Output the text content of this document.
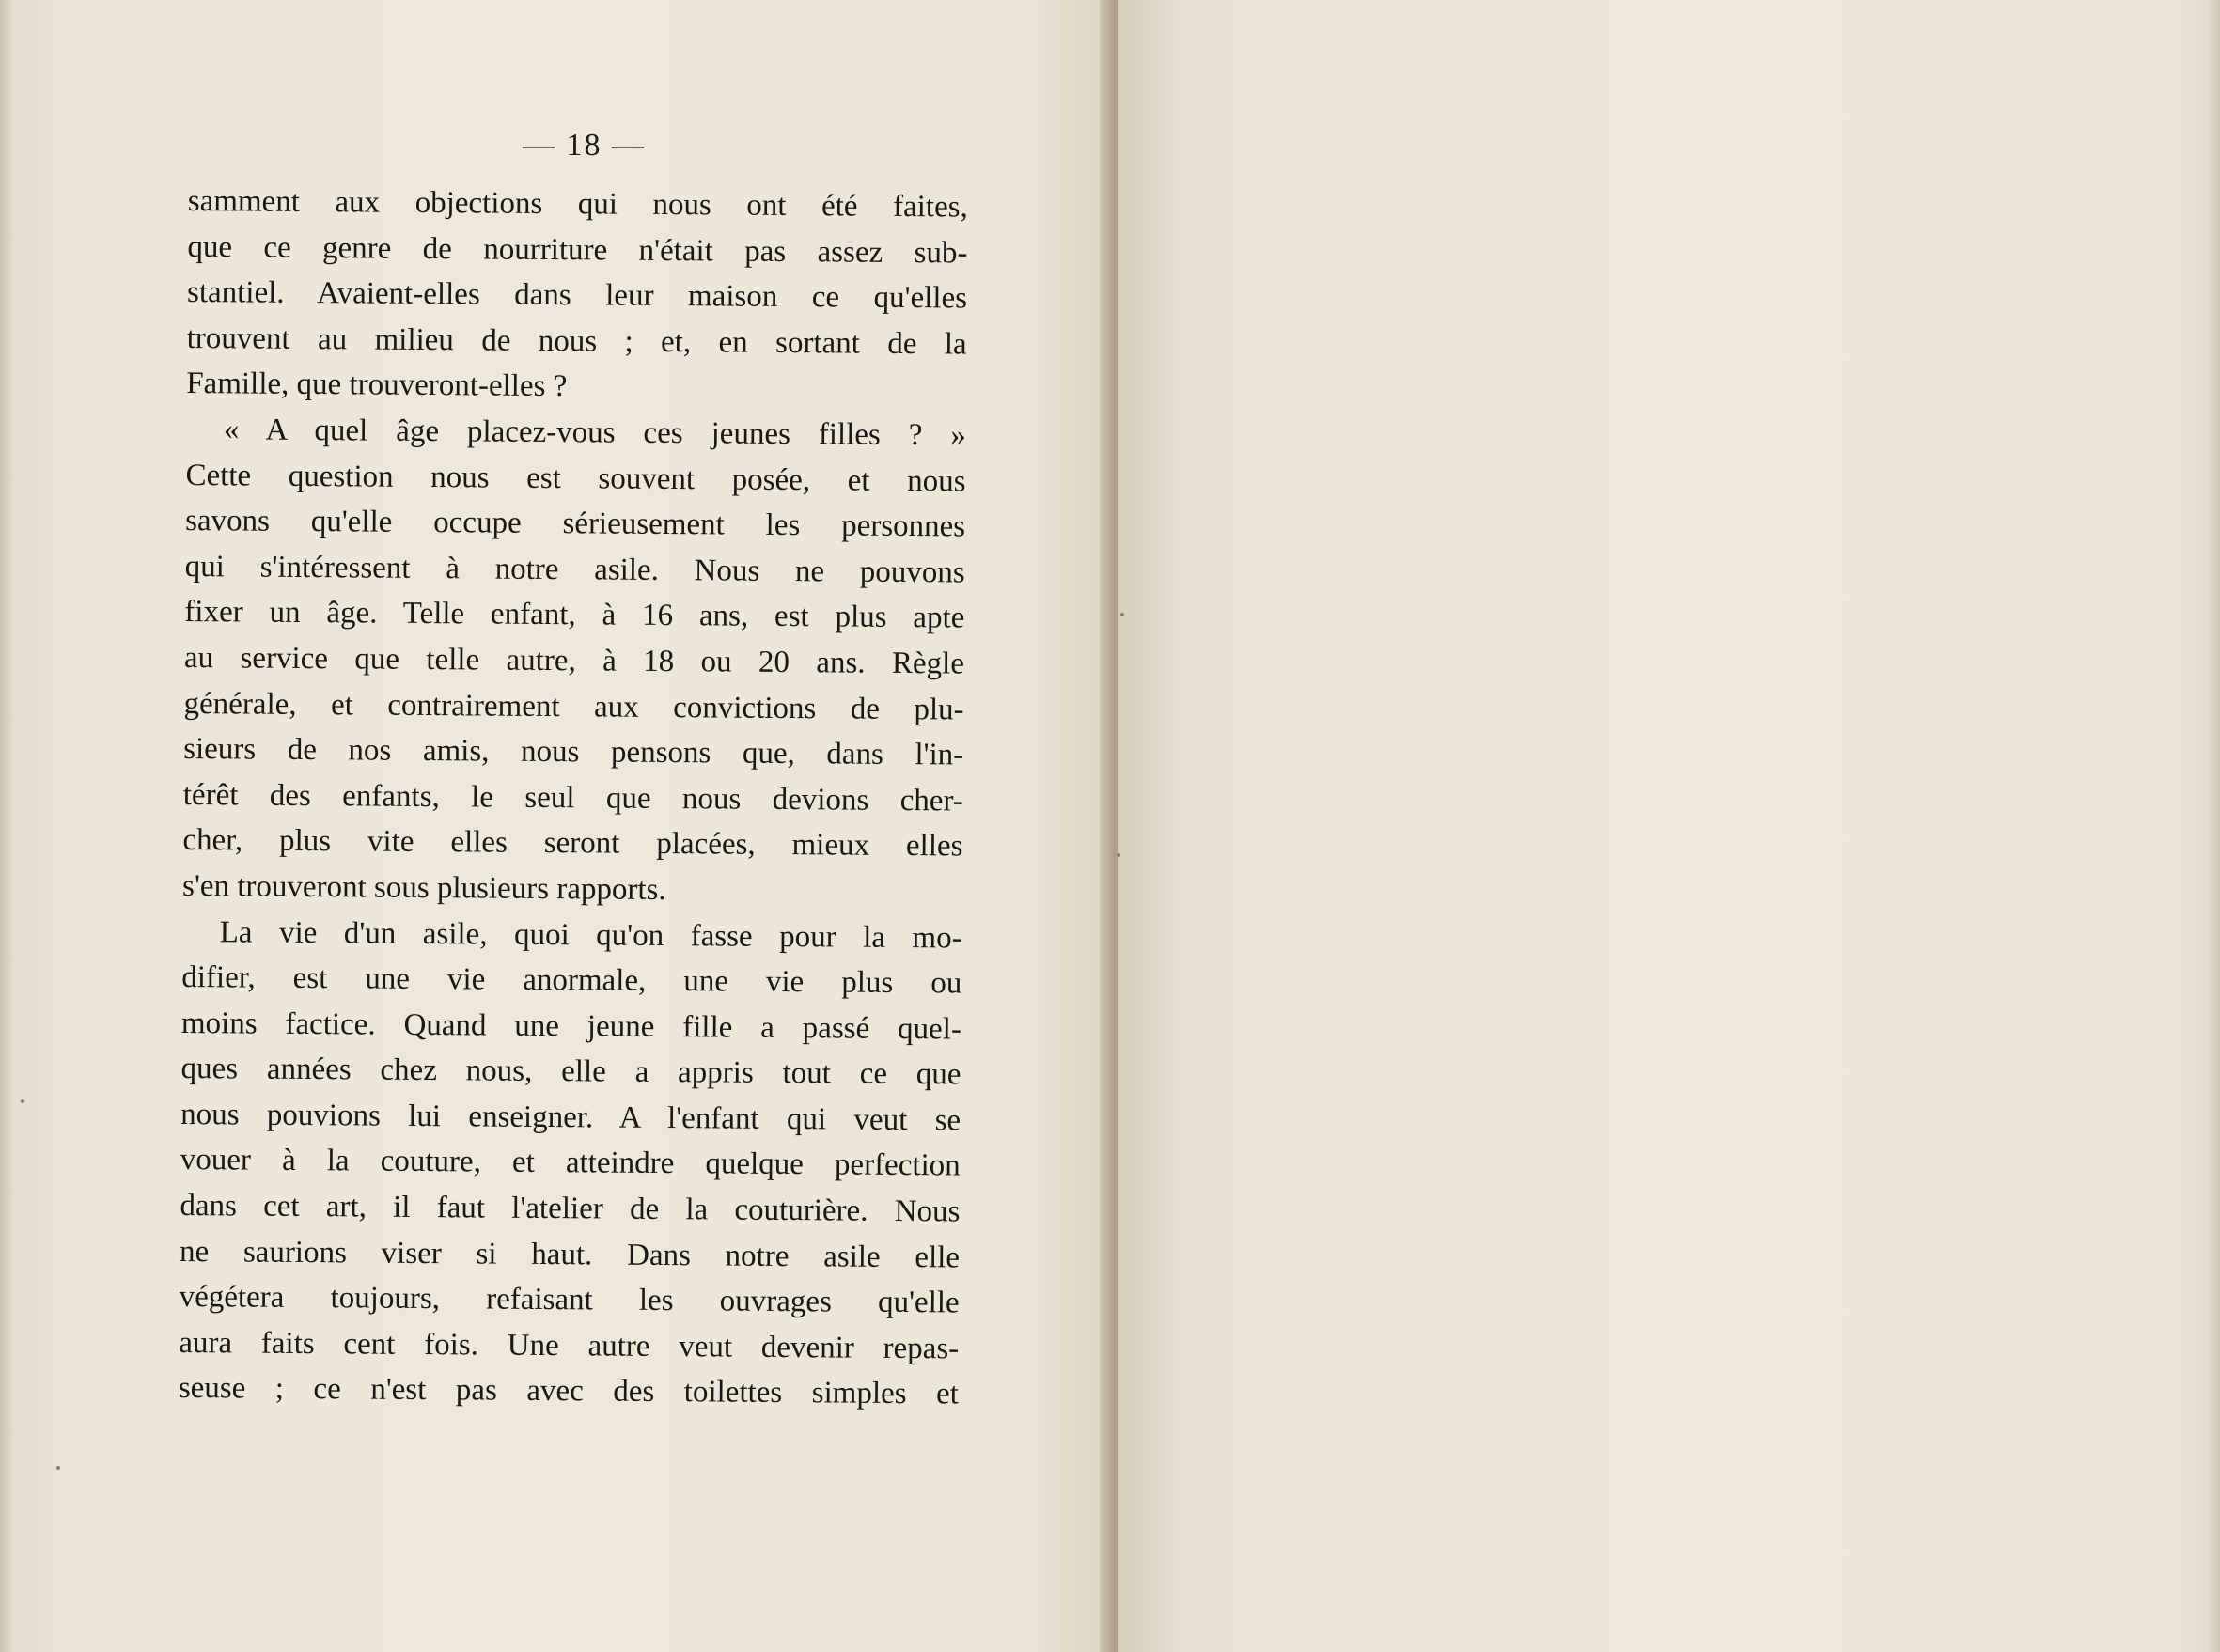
— 18 —
samment aux objections qui nous ont été faites,
que ce genre de nourriture n'était pas assez sub-
stantiel. Avaient-elles dans leur maison ce qu'elles
trouvent au milieu de nous ; et, en sortant de la
Famille, que trouveront-elles ?
« A quel âge placez-vous ces jeunes filles ? »
Cette question nous est souvent posée, et nous
savons qu'elle occupe sérieusement les personnes
qui s'intéressent à notre asile. Nous ne pouvons
fixer un âge. Telle enfant, à 16 ans, est plus apte
au service que telle autre, à 18 ou 20 ans. Règle
générale, et contrairement aux convictions de plu-
sieurs de nos amis, nous pensons que, dans l'in-
térêt des enfants, le seul que nous devions cher-
cher, plus vite elles seront placées, mieux elles
s'en trouveront sous plusieurs rapports.
La vie d'un asile, quoi qu'on fasse pour la mo-
difier, est une vie anormale, une vie plus ou
moins factice. Quand une jeune fille a passé quel-
ques années chez nous, elle a appris tout ce que
nous pouvions lui enseigner. A l'enfant qui veut se
vouer à la couture, et atteindre quelque perfection
dans cet art, il faut l'atelier de la couturière. Nous
ne saurions viser si haut. Dans notre asile elle
végétera toujours, refaisant les ouvrages qu'elle
aura faits cent fois. Une autre veut devenir repas-
seuse ; ce n'est pas avec des toilettes simples et
